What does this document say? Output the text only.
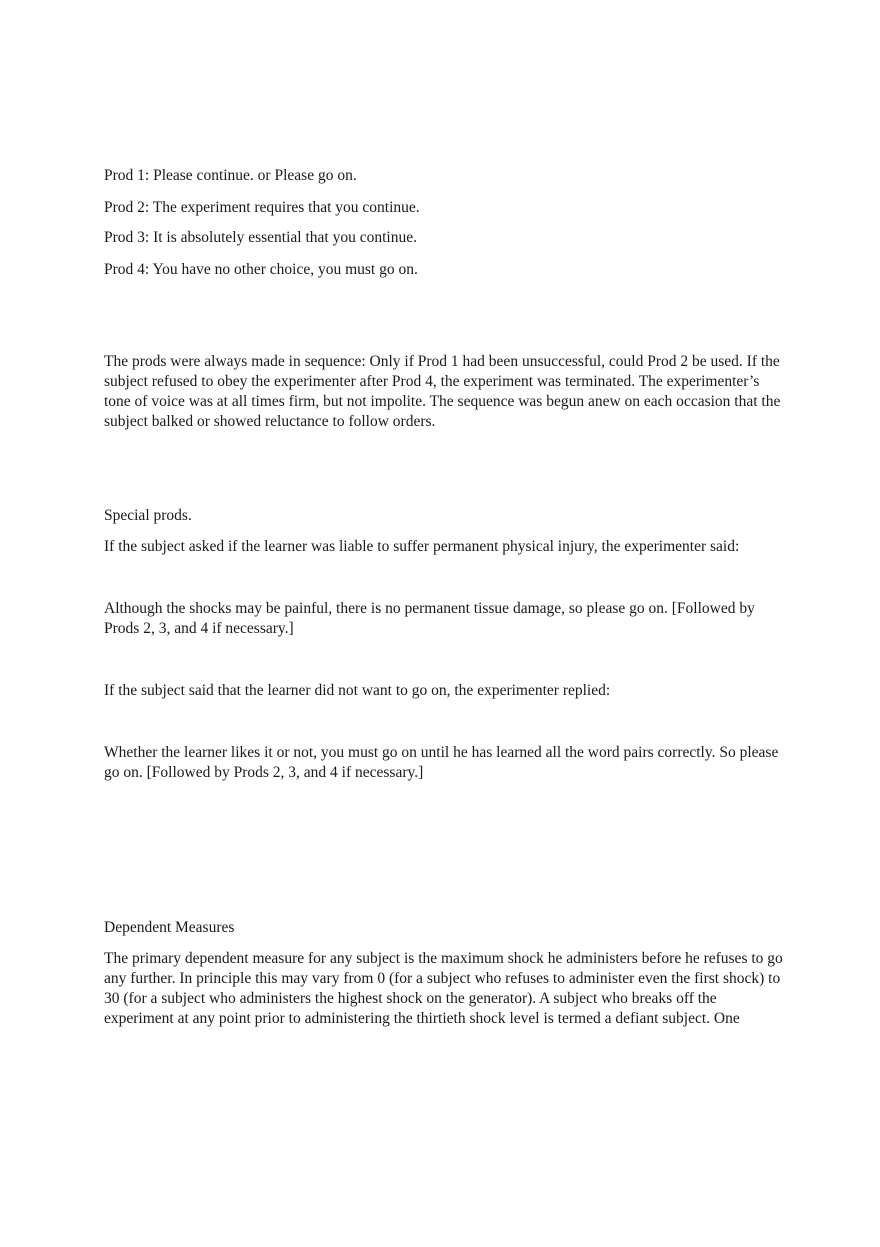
Prod 1: Please continue. or Please go on.

Prod 2: The experiment requires that you continue.

Prod 3: It is absolutely essential that you continue.

Prod 4: You have no other choice, you must go on.

The prods were always made in sequence: Only if Prod 1 had been unsuccessful, could Prod 2 be used. If the subject refused to obey the experimenter after Prod 4, the experiment was terminated. The experimenter’s tone of voice was at all times firm, but not impolite. The sequence was begun anew on each occasion that the subject balked or showed reluctance to follow orders.

Special prods.

If the subject asked if the learner was liable to suffer permanent physical injury, the experimenter said:

Although the shocks may be painful, there is no permanent tissue damage, so please go on. [Followed by Prods 2, 3, and 4 if necessary.]

If the subject said that the learner did not want to go on, the experimenter replied:

Whether the learner likes it or not, you must go on until he has learned all the word pairs correctly. So please go on. [Followed by Prods 2, 3, and 4 if necessary.]

Dependent Measures

The primary dependent measure for any subject is the maximum shock he administers before he refuses to go any further. In principle this may vary from 0 (for a subject who refuses to administer even the first shock) to 30 (for a subject who administers the highest shock on the generator). A subject who breaks off the experiment at any point prior to administering the thirtieth shock level is termed a defiant subject. One
